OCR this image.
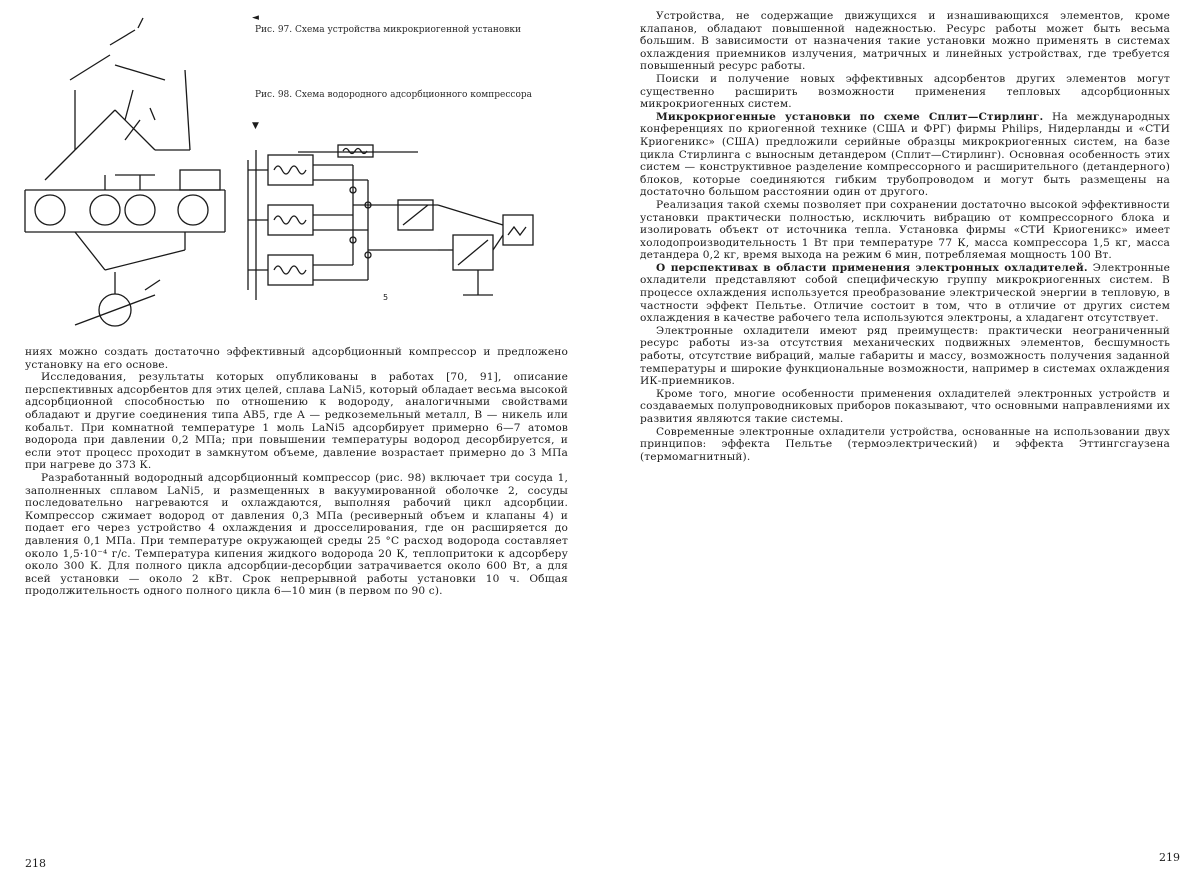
◄
Рис. 97. Схема устройства микрокриогенной установки
Рис. 98. Схема водородного адсорбционного компрессора
▼
5

ниях можно создать достаточно эффективный адсорбционный компрессор и предложено установку на его основе.

Исследования, результаты которых опубликованы в работах [70, 91], описание перспективных адсорбентов для этих целей, сплава LaNi5, который обладает весьма высокой адсорбционной способностью по отношению к водороду, аналогичными свойствами обладают и другие соединения типа AB5, где А — редкоземельный металл, В — никель или кобальт. При комнатной температуре 1 моль LaNi5 адсорбирует примерно 6—7 атомов водорода при давлении 0,2 МПа; при повышении температуры водород десорбируется, и если этот процесс проходит в замкнутом объеме, давление возрастает примерно до 3 МПа при нагреве до 373 К.

Разработанный водородный адсорбционный компрессор (рис. 98) включает три сосуда 1, заполненных сплавом LaNi5, и размещенных в вакуумированной оболочке 2, сосуды последовательно нагреваются и охлаждаются, выполняя рабочий цикл адсорбции. Компрессор сжимает водород от давления 0,3 МПа (ресиверный объем и клапаны 4) и подает его через устройство 4 охлаждения и дросселирования, где он расширяется до давления 0,1 МПа. При температуре окружающей среды 25 °С расход водорода составляет около 1,5·10⁻⁴ г/с. Температура кипения жидкого водорода 20 К, теплопритоки к адсорберу около 300 К. Для полного цикла адсорбции-десорбции затрачивается около 600 Вт, а для всей установки — около 2 кВт. Срок непрерывной работы установки 10 ч. Общая продолжительность одного полного цикла 6—10 мин (в первом по 90 с).

218

Устройства, не содержащие движущихся и изнашивающихся элементов, кроме клапанов, обладают повышенной надежностью. Ресурс работы может быть весьма большим. В зависимости от назначения такие установки можно применять в системах охлаждения приемников излучения, матричных и линейных устройствах, где требуется повышенный ресурс работы.

Поиски и получение новых эффективных адсорбентов других элементов могут существенно расширить возможности применения тепловых адсорбционных микрокриогенных систем.

Микрокриогенные установки по схеме Сплит—Стирлинг. На международных конференциях по криогенной технике (США и ФРГ) фирмы Philips, Нидерланды и «СТИ Криогеникс» (США) предложили серийные образцы микрокриогенных систем, на базе цикла Стирлинга с выносным детандером (Сплит—Стирлинг). Основная особенность этих систем — конструктивное разделение компрессорного и расширительного (детандерного) блоков, которые соединяются гибким трубопроводом и могут быть размещены на достаточно большом расстоянии один от другого.

Реализация такой схемы позволяет при сохранении достаточно высокой эффективности установки практически полностью, исключить вибрацию от компрессорного блока и изолировать объект от источника тепла. Установка фирмы «СТИ Криогеникс» имеет холодопроизводительность 1 Вт при температуре 77 К, масса компрессора 1,5 кг, масса детандера 0,2 кг, время выхода на режим 6 мин, потребляемая мощность 100 Вт.

О перспективах в области применения электронных охладителей. Электронные охладители представляют собой специфическую группу микрокриогенных систем. В процессе охлаждения используется преобразование электрической энергии в тепловую, в частности эффект Пельтье. Отличие состоит в том, что в отличие от других систем охлаждения в качестве рабочего тела используются электроны, а хладагент отсутствует.

Электронные охладители имеют ряд преимуществ: практически неограниченный ресурс работы из-за отсутствия механических подвижных элементов, бесшумность работы, отсутствие вибраций, малые габариты и массу, возможность получения заданной температуры и широкие функциональные возможности, например в системах охлаждения ИК-приемников.

Кроме того, многие особенности применения охладителей электронных устройств и создаваемых полупроводниковых приборов показывают, что основными направлениями их развития являются такие системы.

Современные электронные охладители устройства, основанные на использовании двух принципов: эффекта Пельтье (термоэлектрический) и эффекта Эттингсгаузена (термомагнитный).

219
